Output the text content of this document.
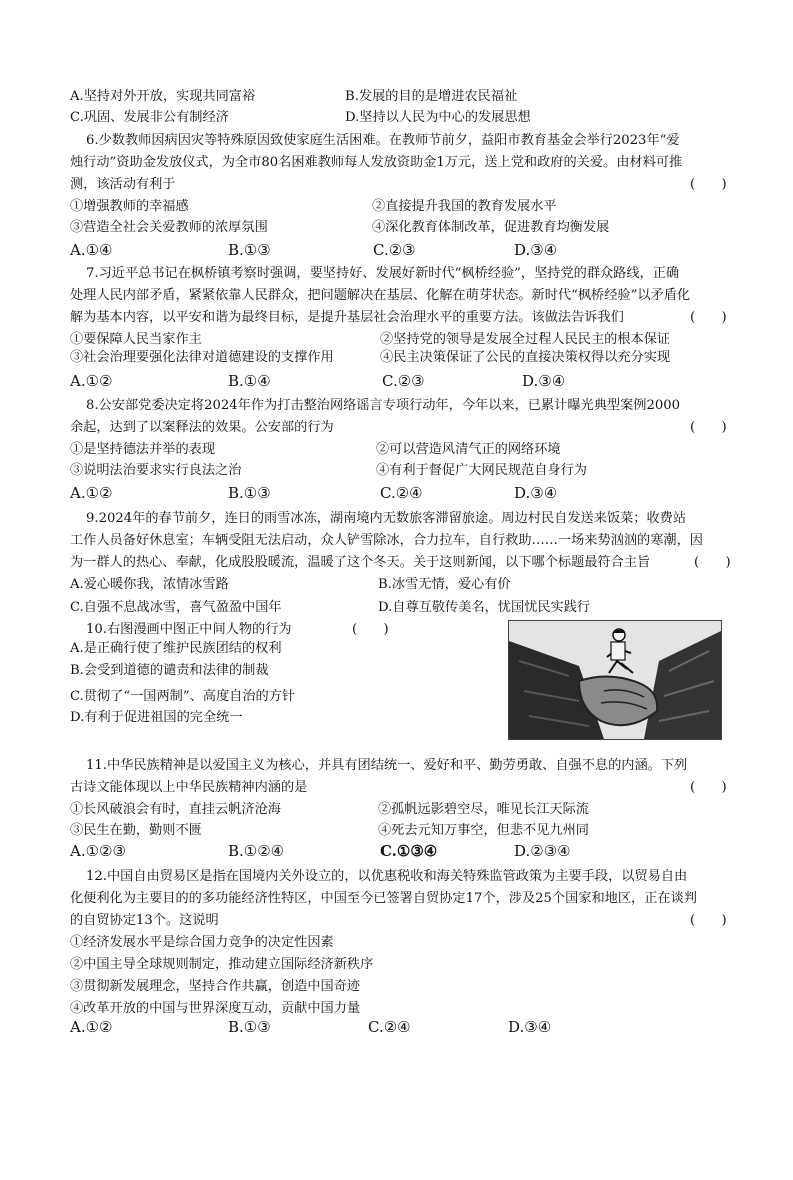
A.坚持对外开放，实现共同富裕	B.发展的目的是增进农民福祉
C.巩固、发展非公有制经济	D.坚持以人民为中心的发展思想
6.少数教师因病因灾等特殊原因致使家庭生活困难。在教师节前夕，益阳市教育基金会举行2023年“爱
烛行动”资助金发放仪式，为全市80名困难教师每人发放资助金1万元，送上党和政府的关爱。由材料可推
测，该活动有利于	(　　)
①增强教师的幸福感	②直接提升我国的教育发展水平
③营造全社会关爱教师的浓厚氛围	④深化教育体制改革，促进教育均衡发展
A.①④	B.①③	C.②③	D.③④
7.习近平总书记在枫桥镇考察时强调，要坚持好、发展好新时代“枫桥经验”，坚持党的群众路线，正确
处理人民内部矛盾，紧紧依靠人民群众，把问题解决在基层、化解在萌芽状态。新时代“枫桥经验”以矛盾化
解为基本内容，以平安和谐为最终目标，是提升基层社会治理水平的重要方法。该做法告诉我们	(　　)
①要保障人民当家作主	②坚持党的领导是发展全过程人民民主的根本保证
③社会治理要强化法律对道德建设的支撑作用	④民主决策保证了公民的直接决策权得以充分实现
A.①②	B.①④	C.②③	D.③④
8.公安部党委决定将2024年作为打击整治网络谣言专项行动年，今年以来，已累计曝光典型案例2000
余起，达到了以案释法的效果。公安部的行为	(　　)
①是坚持德法并举的表现	②可以营造风清气正的网络环境
③说明法治要求实行良法之治	④有利于督促广大网民规范自身行为
A.①②	B.①③	C.②④	D.③④
9.2024年的春节前夕，连日的雨雪冰冻，湖南境内无数旅客滞留旅途。周边村民自发送来饭菜；收费站
工作人员备好休息室；车辆受阻无法启动，众人铲雪除冰，合力拉车，自行救助……一场来势汹汹的寒潮，因
为一群人的热心、奉献，化成股股暖流，温暖了这个冬天。关于这则新闻，以下哪个标题最符合主旨	(　　)
A.爱心暖你我，浓情冰雪路	B.冰雪无情，爱心有价
C.自强不息战冰雪，喜气盈盈中国年	D.自尊互敬传美名，忧国忧民实践行
10.右图漫画中图正中间人物的行为	(　　)
A.是正确行使了维护民族团结的权利
B.会受到道德的谴责和法律的制裁
C.贯彻了“一国两制”、高度自治的方针
D.有利于促进祖国的完全统一
11.中华民族精神是以爱国主义为核心，并具有团结统一、爱好和平、勤劳勇敢、自强不息的内涵。下列
古诗文能体现以上中华民族精神内涵的是	(　　)
①长风破浪会有时，直挂云帆济沧海	②孤帆远影碧空尽，唯见长江天际流
③民生在勤，勤则不匮	④死去元知万事空，但悲不见九州同
A.①②③	B.①②④	C.①③④	D.②③④
12.中国自由贸易区是指在国境内关外设立的，以优惠税收和海关特殊监管政策为主要手段，以贸易自由
化便利化为主要目的的多功能经济性特区，中国至今已签署自贸协定17个，涉及25个国家和地区，正在谈判
的自贸协定13个。这说明	(　　)
①经济发展水平是综合国力竞争的决定性因素
②中国主导全球规则制定，推动建立国际经济新秩序
③贯彻新发展理念，坚持合作共赢，创造中国奇迹
④改革开放的中国与世界深度互动，贡献中国力量
A.①②	B.①③	C.②④	D.③④
